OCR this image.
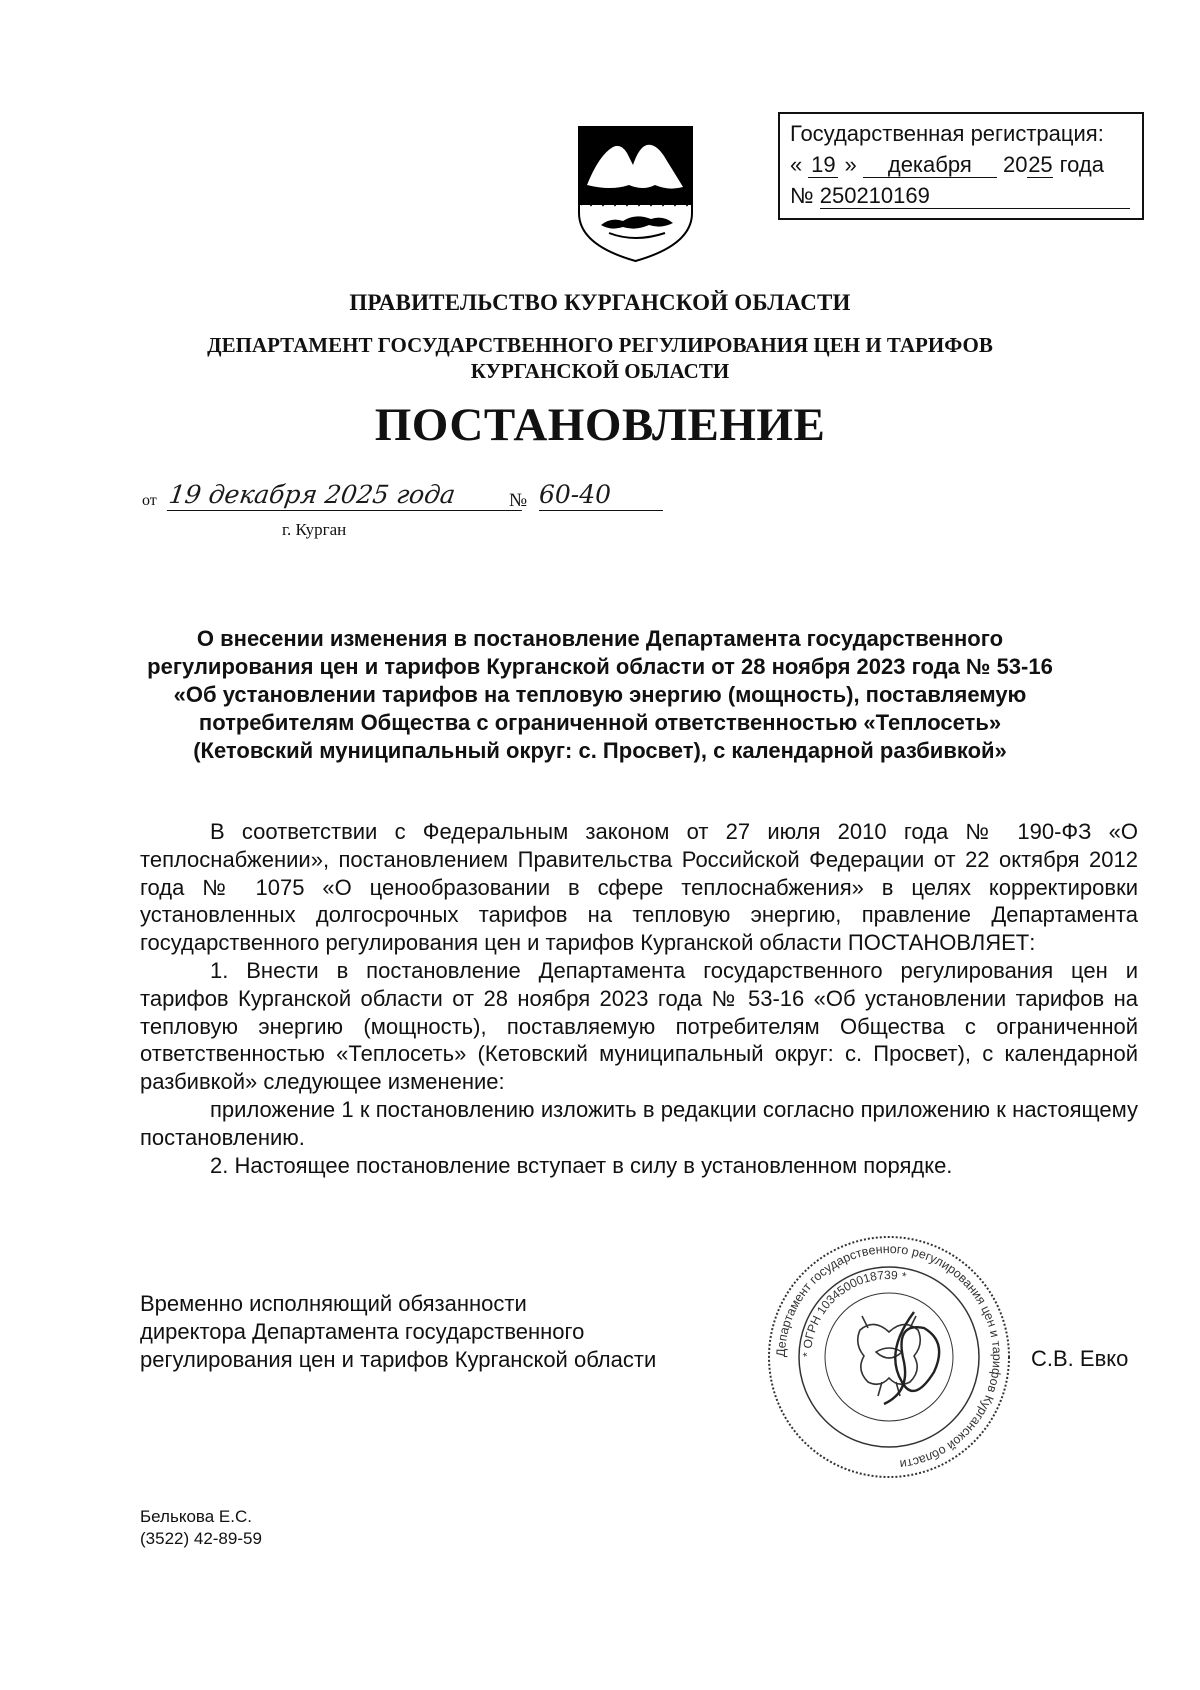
Государственная регистрация:
« 19 » декабря 2025 года
№ 250210169
ПРАВИТЕЛЬСТВО КУРГАНСКОЙ ОБЛАСТИ
ДЕПАРТАМЕНТ ГОСУДАРСТВЕННОГО РЕГУЛИРОВАНИЯ ЦЕН И ТАРИФОВ
КУРГАНСКОЙ ОБЛАСТИ
ПОСТАНОВЛЕНИЕ
от 19 декабря 2025 года	№ 60-40
г. Курган
О внесении изменения в постановление Департамента государственного
регулирования цен и тарифов Курганской области от 28 ноября 2023 года № 53-16
«Об установлении тарифов на тепловую энергию (мощность), поставляемую
потребителям Общества с ограниченной ответственностью «Теплосеть»
(Кетовский муниципальный округ: с. Просвет), с календарной разбивкой»

В соответствии с Федеральным законом от 27 июля 2010 года № 190-ФЗ «О теплоснабжении», постановлением Правительства Российской Федерации от 22 октября 2012 года № 1075 «О ценообразовании в сфере теплоснабжения» в целях корректировки установленных долгосрочных тарифов на тепловую энергию, правление Департамента государственного регулирования цен и тарифов Курганской области ПОСТАНОВЛЯЕТ:

1. Внести в постановление Департамента государственного регулирования цен и тарифов Курганской области от 28 ноября 2023 года № 53-16 «Об установлении тарифов на тепловую энергию (мощность), поставляемую потребителям Общества с ограниченной ответственностью «Теплосеть» (Кетовский муниципальный округ: с. Просвет), с календарной разбивкой» следующее изменение:

приложение 1 к постановлению изложить в редакции согласно приложению к настоящему постановлению.

2. Настоящее постановление вступает в силу в установленном порядке.

Временно исполняющий обязанности
директора Департамента государственного
регулирования цен и тарифов Курганской области	С.В. Евко
Департамент государственного регулирования цен и тарифов Курганской области
* ОГРН 1034500018739 *
Белькова Е.С.
(3522) 42-89-59
